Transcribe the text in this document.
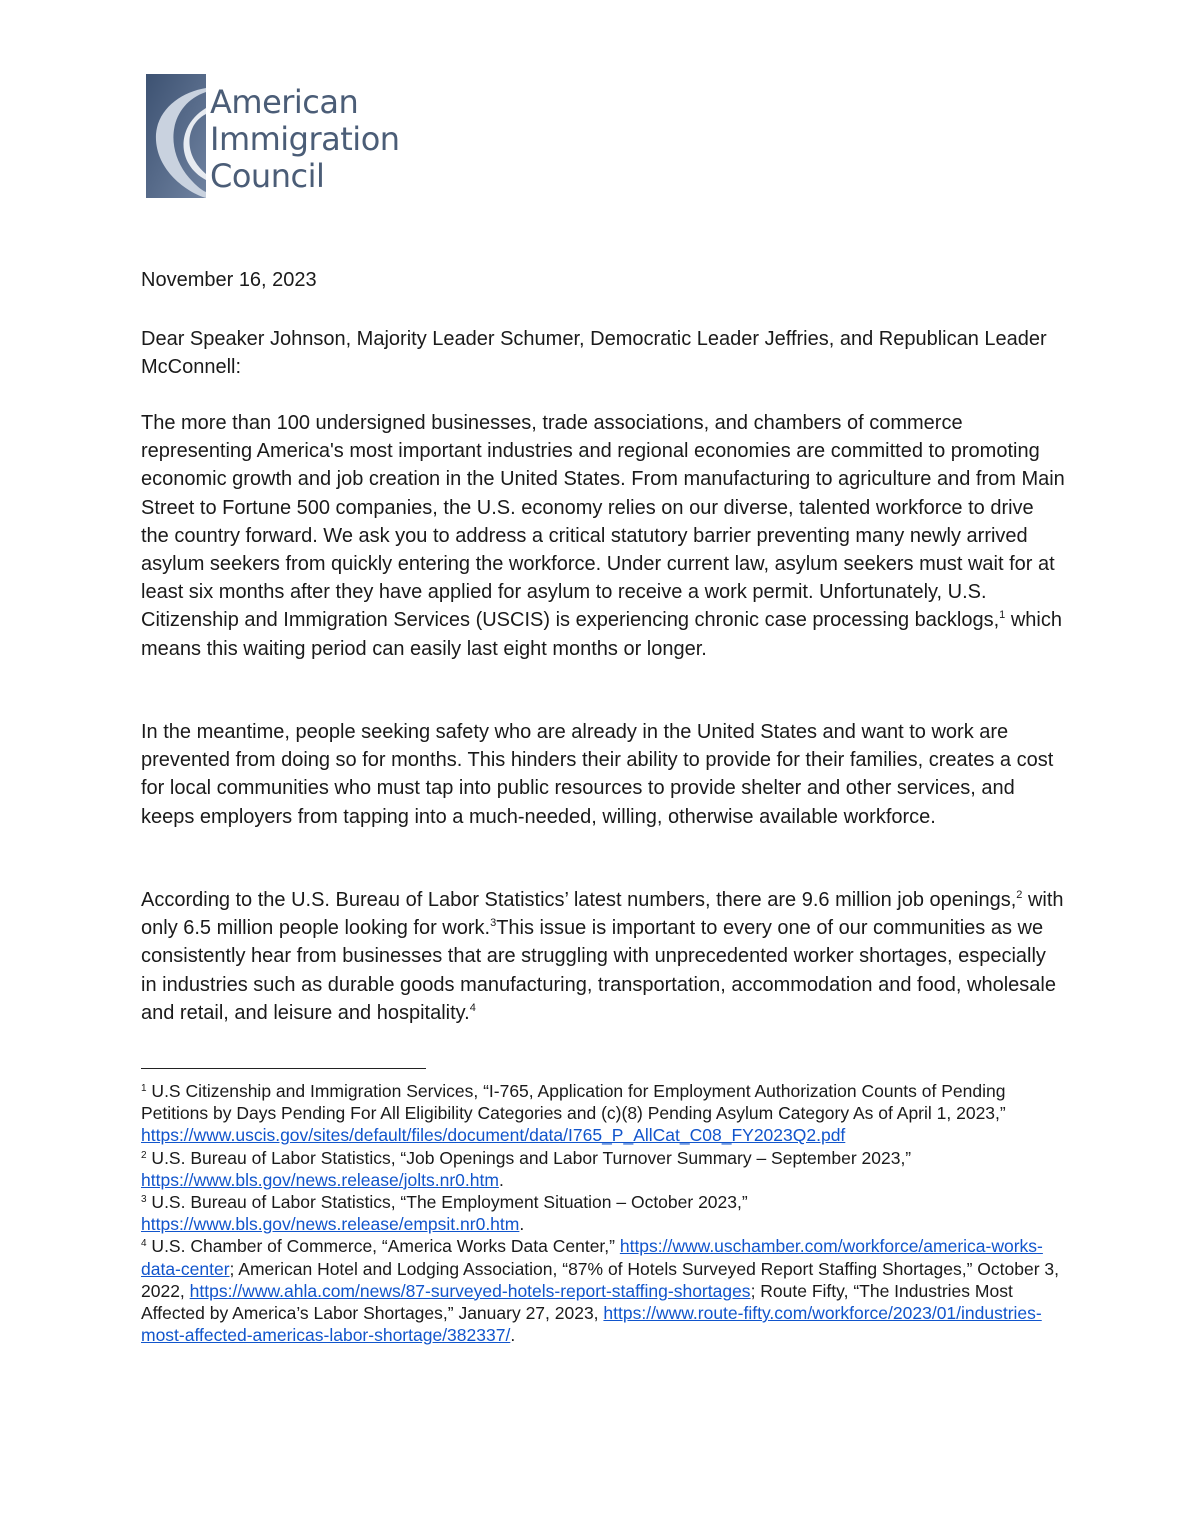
American
Immigration
Council
November 16, 2023

Dear Speaker Johnson, Majority Leader Schumer, Democratic Leader Jeffries, and Republican Leader McConnell:

The more than 100 undersigned businesses, trade associations, and chambers of commerce representing America's most important industries and regional economies are committed to promoting economic growth and job creation in the United States. From manufacturing to agriculture and from Main Street to Fortune 500 companies, the U.S. economy relies on our diverse, talented workforce to drive the country forward. We ask you to address a critical statutory barrier preventing many newly arrived asylum seekers from quickly entering the workforce. Under current law, asylum seekers must wait for at least six months after they have applied for asylum to receive a work permit. Unfortunately, U.S. Citizenship and Immigration Services (USCIS) is experiencing chronic case processing backlogs,$^1$ which means this waiting period can easily last eight months or longer.

In the meantime, people seeking safety who are already in the United States and want to work are prevented from doing so for months. This hinders their ability to provide for their families, creates a cost for local communities who must tap into public resources to provide shelter and other services, and keeps employers from tapping into a much-needed, willing, otherwise available workforce.

According to the U.S. Bureau of Labor Statistics’ latest numbers, there are 9.6 million job openings,$^2$ with only 6.5 million people looking for work.$^3$This issue is important to every one of our communities as we consistently hear from businesses that are struggling with unprecedented worker shortages, especially in industries such as durable goods manufacturing, transportation, accommodation and food, wholesale and retail, and leisure and hospitality.$^4$

$^1$ U.S Citizenship and Immigration Services, “I-765, Application for Employment Authorization Counts of Pending Petitions by Days Pending For All Eligibility Categories and (c)(8) Pending Asylum Category As of April 1, 2023,” https://www.uscis.gov/sites/default/files/document/data/I765_P_AllCat_C08_FY2023Q2.pdf

$^2$ U.S. Bureau of Labor Statistics, “Job Openings and Labor Turnover Summary – September 2023,” https://www.bls.gov/news.release/jolts.nr0.htm.

$^3$ U.S. Bureau of Labor Statistics, “The Employment Situation – October 2023,” https://www.bls.gov/news.release/empsit.nr0.htm.

$^4$ U.S. Chamber of Commerce, “America Works Data Center,” https://www.uschamber.com/workforce/america-works-data-center; American Hotel and Lodging Association, “87% of Hotels Surveyed Report Staffing Shortages,” October 3, 2022, https://www.ahla.com/news/87-surveyed-hotels-report-staffing-shortages; Route Fifty, “The Industries Most Affected by America’s Labor Shortages,” January 27, 2023, https://www.route-fifty.com/workforce/2023/01/industries-most-affected-americas-labor-shortage/382337/.
